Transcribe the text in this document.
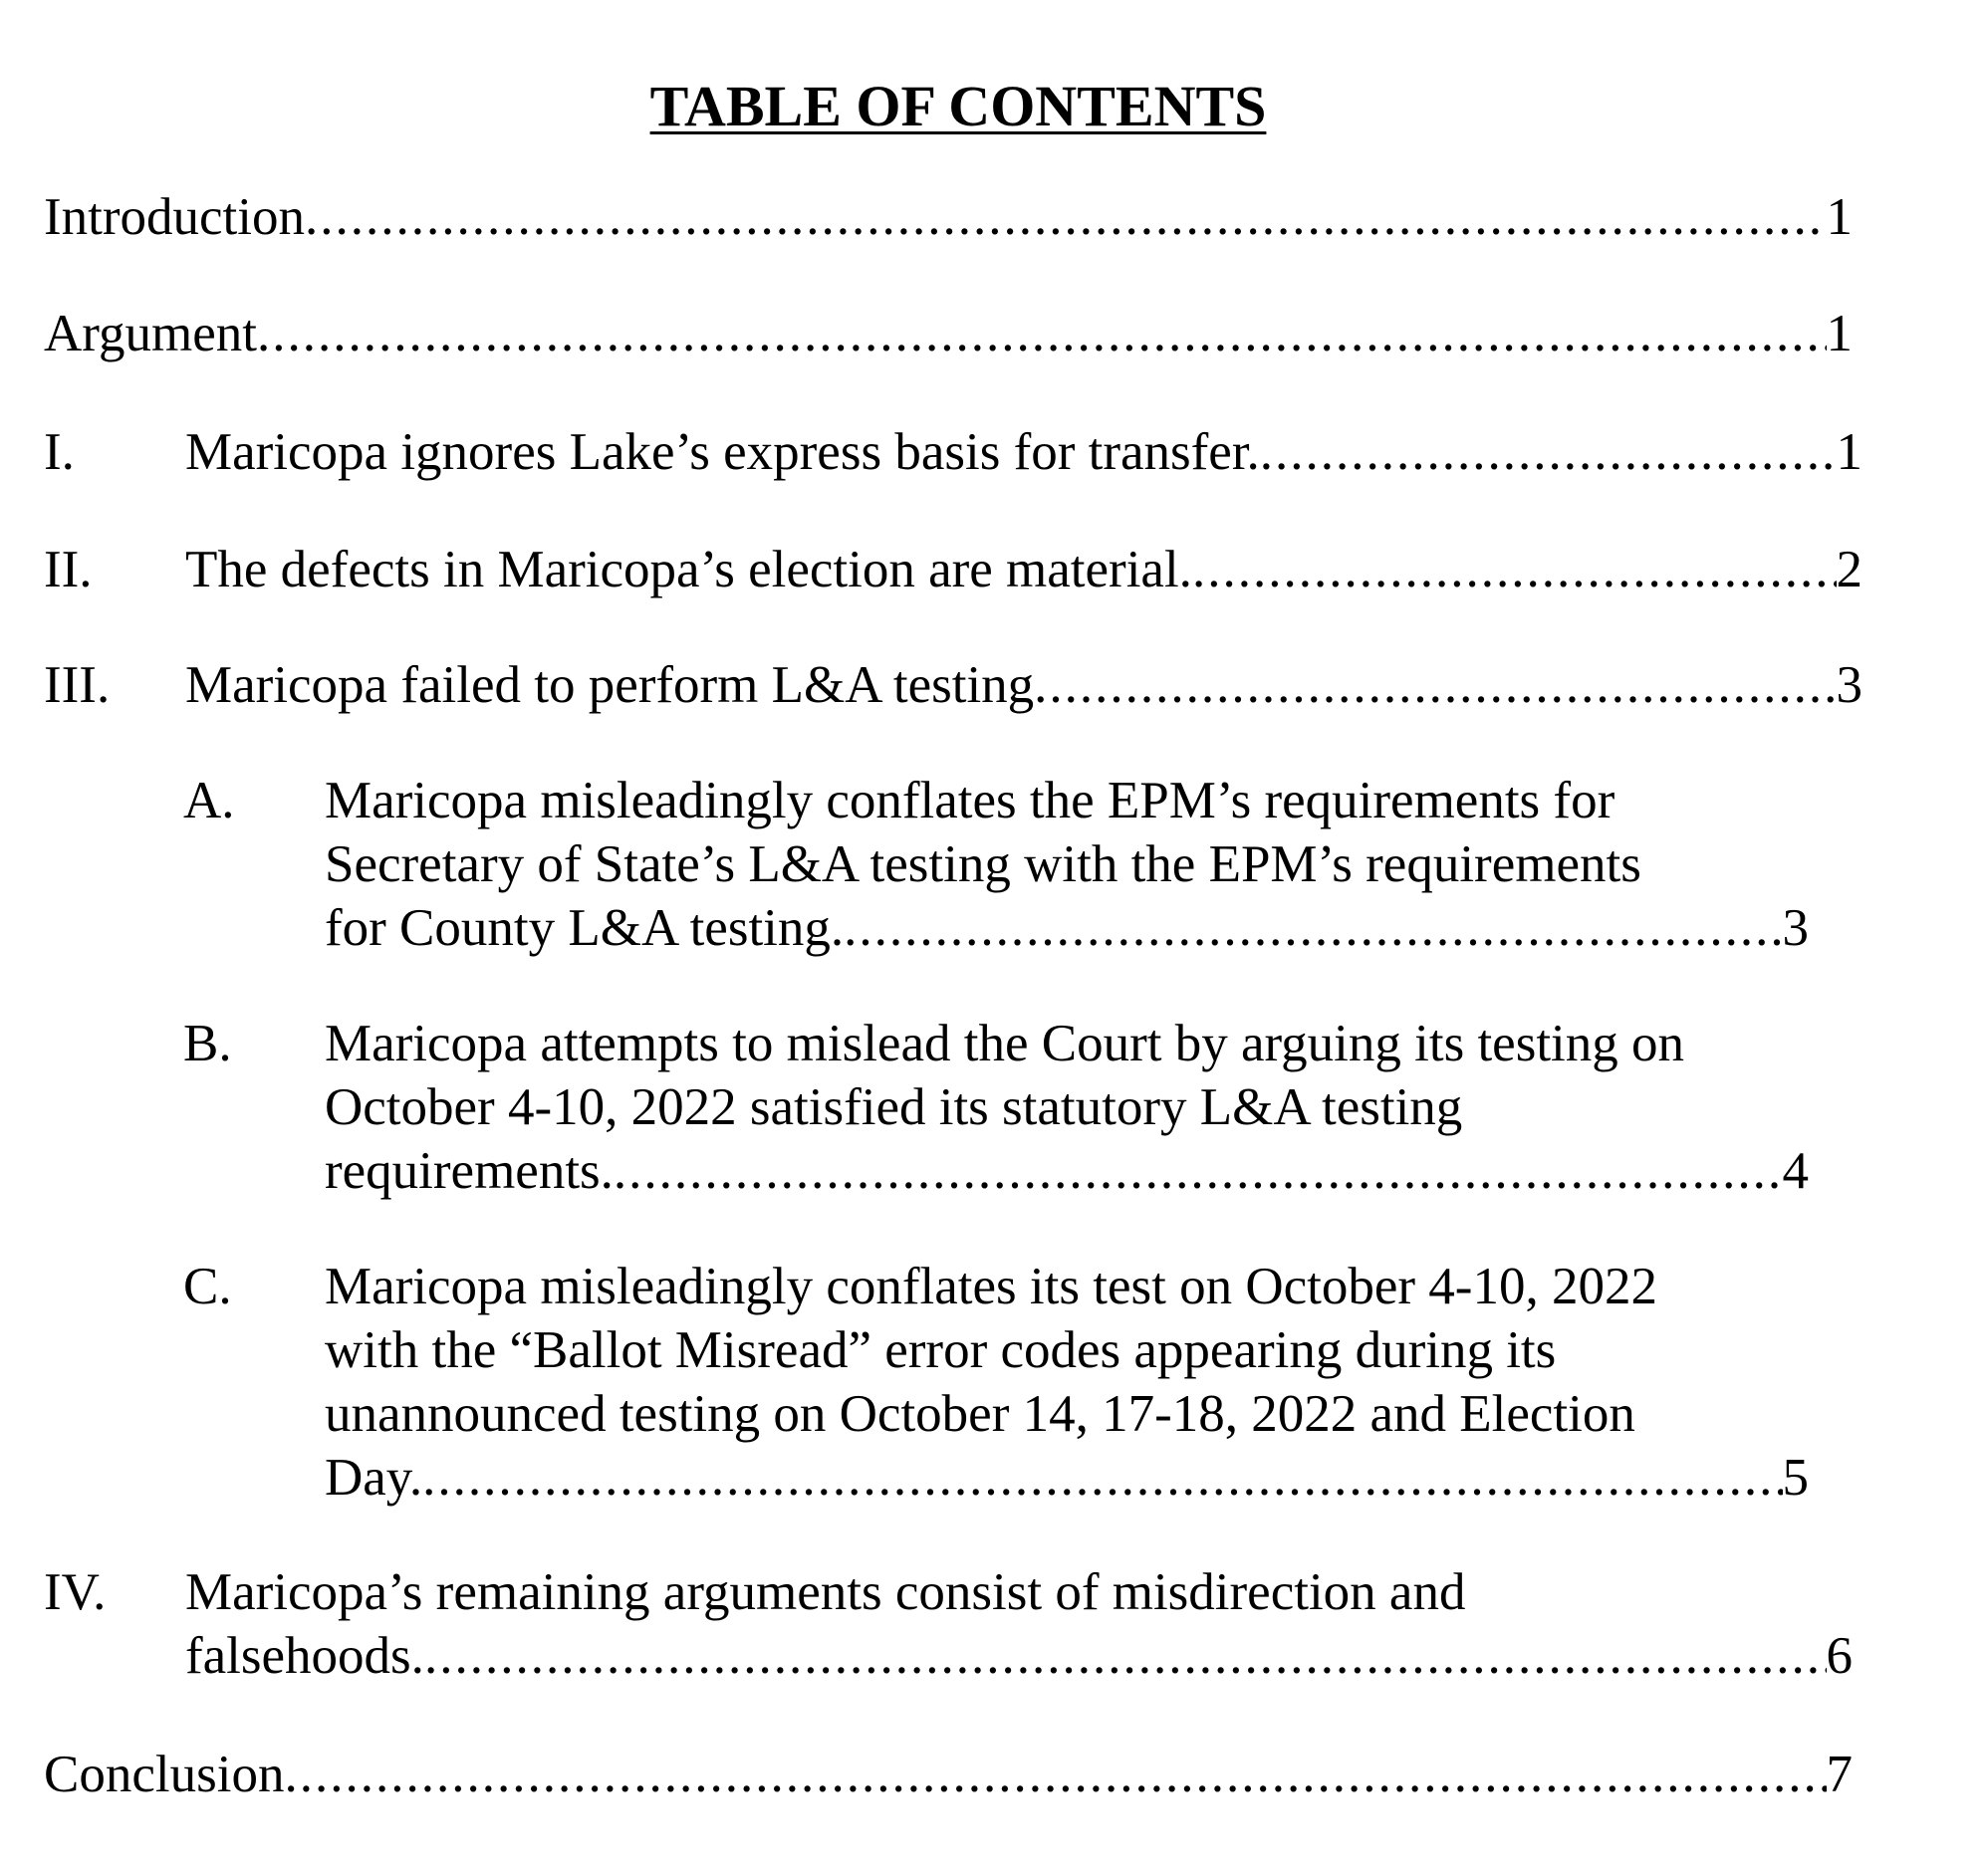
TABLE OF CONTENTS
Introduction .....	1
Argument .....	1
I. Maricopa ignores Lake’s express basis for transfer. .....	1
II. The defects in Maricopa’s election are material. .....	2
III. Maricopa failed to perform L&A testing .....	3
A. Maricopa misleadingly conflates the EPM’s requirements for
Secretary of State’s L&A testing with the EPM’s requirements
for County L&A testing. .....	3
B. Maricopa attempts to mislead the Court by arguing its testing on
October 4-10, 2022 satisfied its statutory L&A testing
requirements. .....	4
C. Maricopa misleadingly conflates its test on October 4-10, 2022
with the “Ballot Misread” error codes appearing during its
unannounced testing on October 14, 17-18, 2022 and Election
Day. .....	5
IV. Maricopa’s remaining arguments consist of misdirection and
falsehoods. .....	6
Conclusion .....	7
